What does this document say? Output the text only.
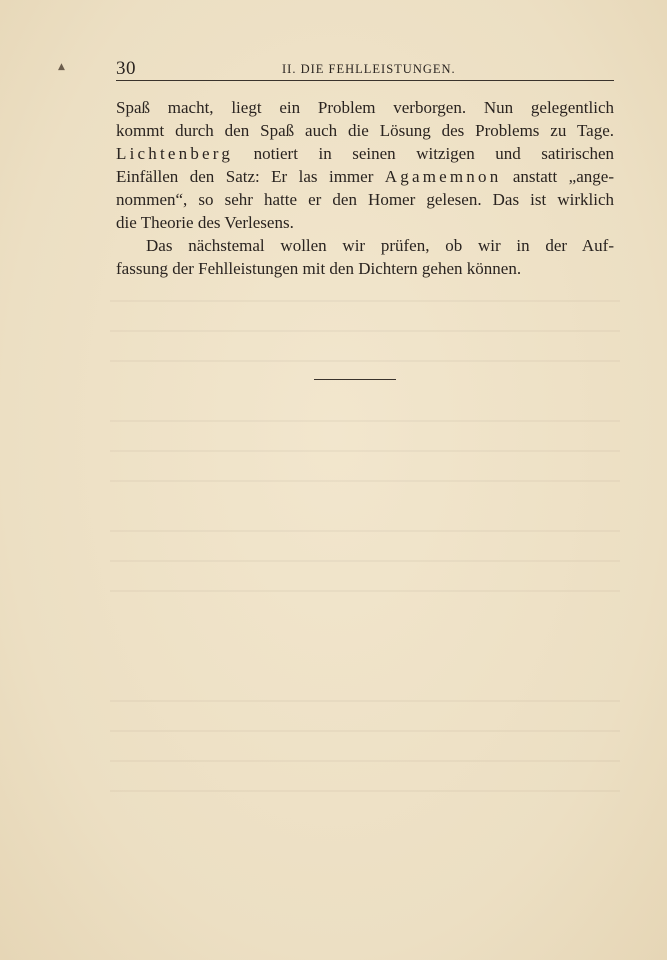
▲	30	II. DIE FEHLLEISTUNGEN.
Spaß macht, liegt ein Problem verborgen. Nun gelegentlich
kommt durch den Spaß auch die Lösung des Problems zu Tage.
Lichtenberg notiert in seinen witzigen und satirischen
Einfällen den Satz: Er las immer Agamemnon anstatt „ange-
nommen“, so sehr hatte er den Homer gelesen. Das ist wirklich
die Theorie des Verlesens.
Das nächstemal wollen wir prüfen, ob wir in der Auf-
fassung der Fehlleistungen mit den Dichtern gehen können.
